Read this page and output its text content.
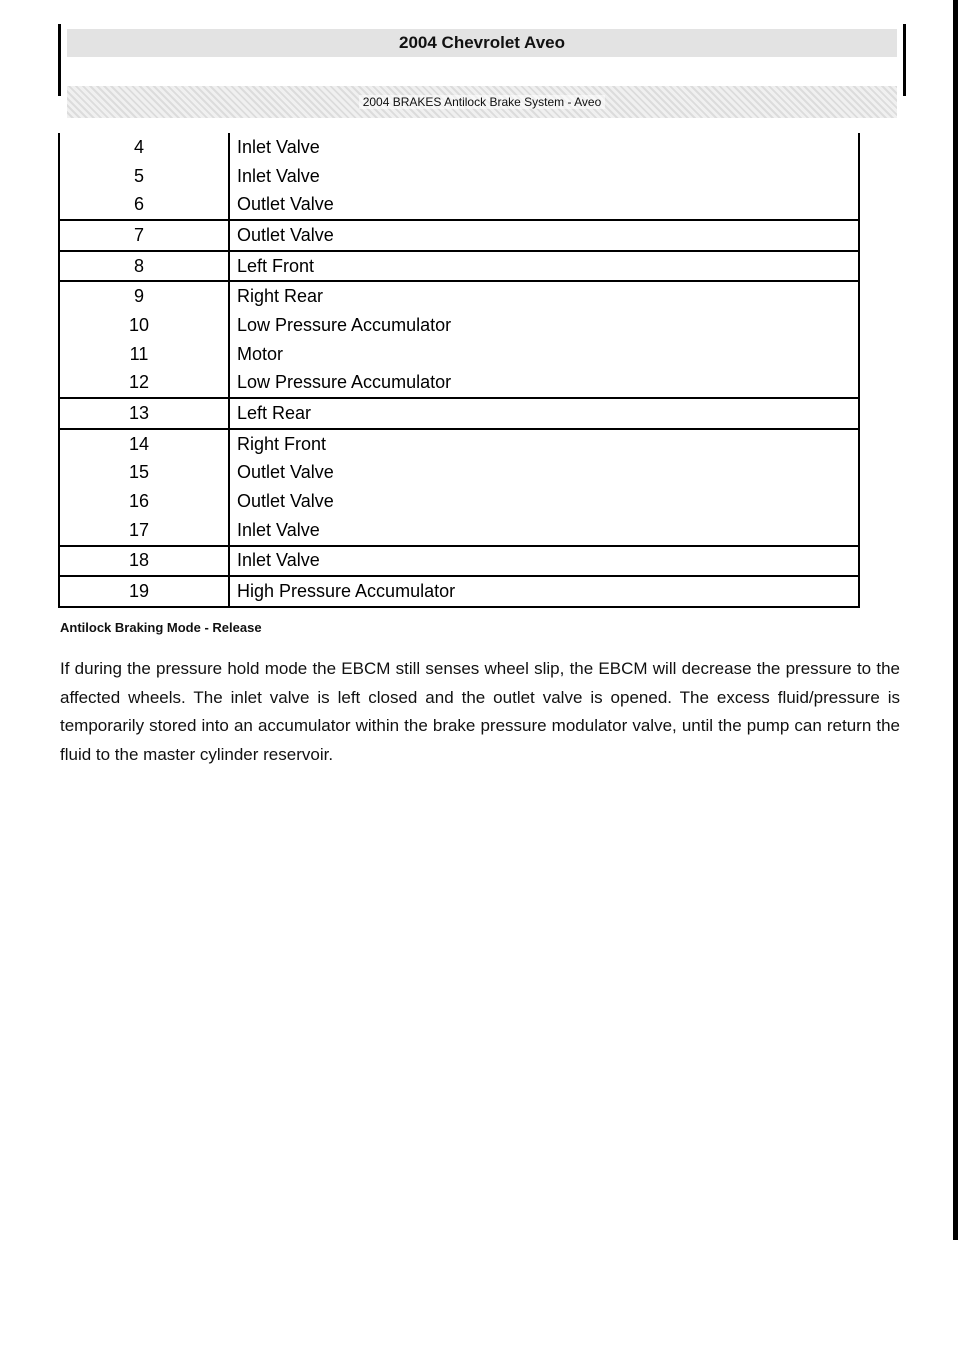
2004 Chevrolet Aveo
2004 BRAKES Antilock Brake System - Aveo
4	Inlet Valve
5	Inlet Valve
6	Outlet Valve
7	Outlet Valve
8	Left Front
9	Right Rear
10	Low Pressure Accumulator
11	Motor
12	Low Pressure Accumulator
13	Left Rear
14	Right Front
15	Outlet Valve
16	Outlet Valve
17	Inlet Valve
18	Inlet Valve
19	High Pressure Accumulator
Antilock Braking Mode - Release

If during the pressure hold mode the EBCM still senses wheel slip, the EBCM will decrease the pressure to the affected wheels. The inlet valve is left closed and the outlet valve is opened. The excess fluid/pressure is temporarily stored into an accumulator within the brake pressure modulator valve, until the pump can return the fluid to the master cylinder reservoir.
